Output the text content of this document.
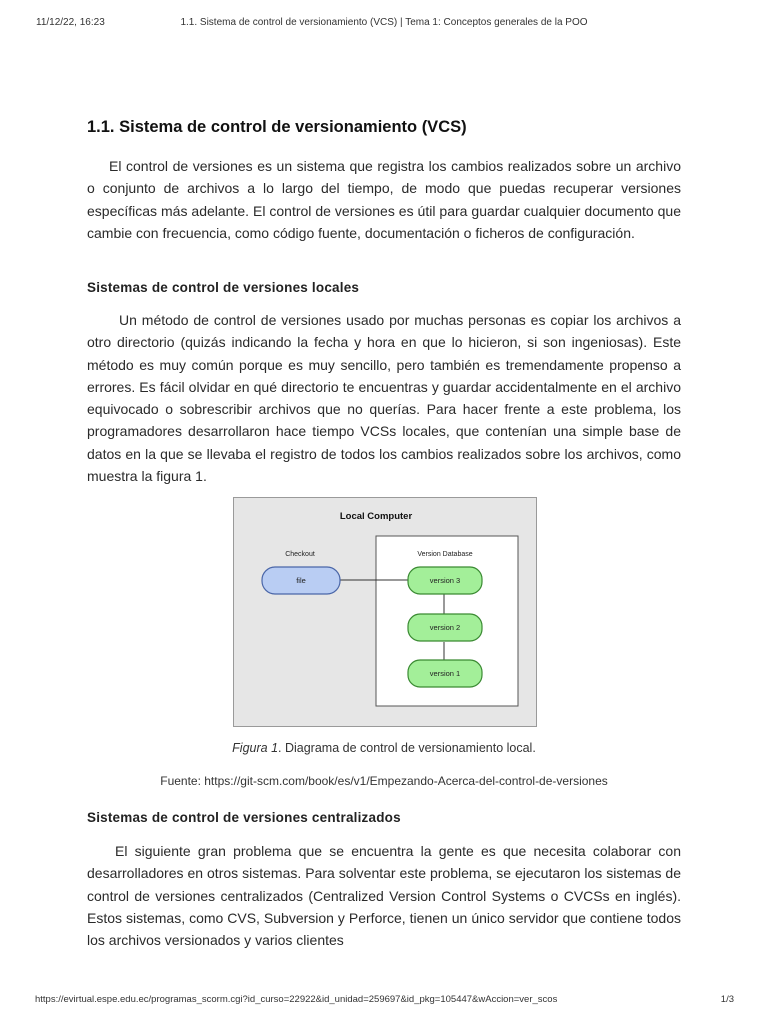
11/12/22, 16:23	1.1. Sistema de control de versionamiento (VCS) | Tema 1: Conceptos generales de la POO
1.1. Sistema de control de versionamiento (VCS)

El control de versiones es un sistema que registra los cambios realizados sobre un archivo o conjunto de archivos a lo largo del tiempo, de modo que puedas recuperar versiones específicas más adelante. El control de versiones es útil para guardar cualquier documento que cambie con frecuencia, como código fuente, documentación o ficheros de configuración.

Sistemas de control de versiones locales

Un método de control de versiones usado por muchas personas es copiar los archivos a otro directorio (quizás indicando la fecha y hora en que lo hicieron, si son ingeniosas). Este método es muy común porque es muy sencillo, pero también es tremendamente propenso a errores. Es fácil olvidar en qué directorio te encuentras y guardar accidentalmente en el archivo equivocado o sobrescribir archivos que no querías. Para hacer frente a este problema, los programadores desarrollaron hace tiempo VCSs locales, que contenían una simple base de datos en la que se llevaba el registro de todos los cambios realizados sobre los archivos, como muestra la figura 1.

Local Computer
Checkout	Version Database
file	version 3
version 2
version 1
Figura 1. Diagrama de control de versionamiento local.
Fuente: https://git-scm.com/book/es/v1/Empezando-Acerca-del-control-de-versiones
Sistemas de control de versiones centralizados

El siguiente gran problema que se encuentra la gente es que necesita colaborar con desarrolladores en otros sistemas. Para solventar este problema, se ejecutaron los sistemas de control de versiones centralizados (Centralized Version Control Systems o CVCSs en inglés). Estos sistemas, como CVS, Subversion y Perforce, tienen un único servidor que contiene todos los archivos versionados y varios clientes

https://evirtual.espe.edu.ec/programas_scorm.cgi?id_curso=22922&id_unidad=259697&id_pkg=105447&wAccion=ver_scos	1/3
